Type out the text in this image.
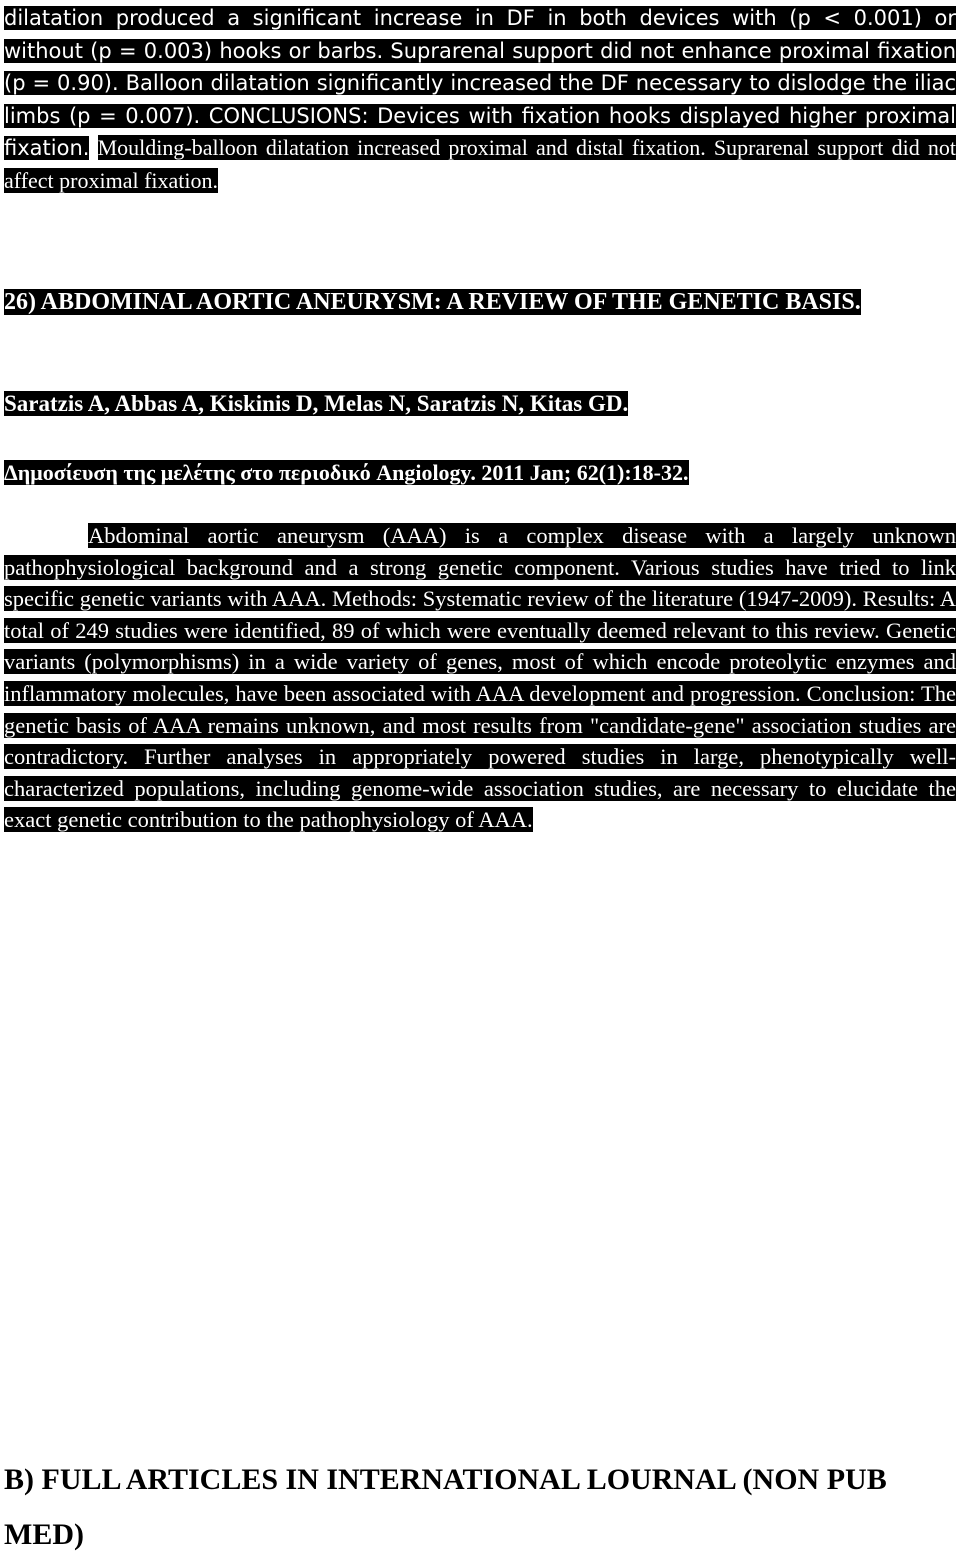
dilatation produced a significant increase in DF in both devices with (p < 0.001) or without (p = 0.003) hooks or barbs. Suprarenal support did not enhance proximal fixation (p = 0.90). Balloon dilatation significantly increased the DF necessary to dislodge the iliac limbs (p = 0.007). CONCLUSIONS: Devices with fixation hooks displayed higher proximal fixation. Moulding-balloon dilatation increased proximal and distal fixation. Suprarenal support did not affect proximal fixation.

26) ABDOMINAL AORTIC ANEURYSM: A REVIEW OF THE GENETIC BASIS.

Saratzis A, Abbas A, Kiskinis D, Melas N, Saratzis N, Kitas GD.

Δημοσίευση της μελέτης στο περιοδικό Angiology. 2011 Jan; 62(1):18-32.

Abdominal aortic aneurysm (AAA) is a complex disease with a largely unknown pathophysiological background and a strong genetic component. Various studies have tried to link specific genetic variants with AAA. Methods: Systematic review of the literature (1947-2009). Results: A total of 249 studies were identified, 89 of which were eventually deemed relevant to this review. Genetic variants (polymorphisms) in a wide variety of genes, most of which encode proteolytic enzymes and inflammatory molecules, have been associated with AAA development and progression. Conclusion: The genetic basis of AAA remains unknown, and most results from "candidate-gene" association studies are contradictory. Further analyses in appropriately powered studies in large, phenotypically well-characterized populations, including genome-wide association studies, are necessary to elucidate the exact genetic contribution to the pathophysiology of AAA.

B) FULL ARTICLES IN INTERNATIONAL LOURNAL (NON PUB MED)
